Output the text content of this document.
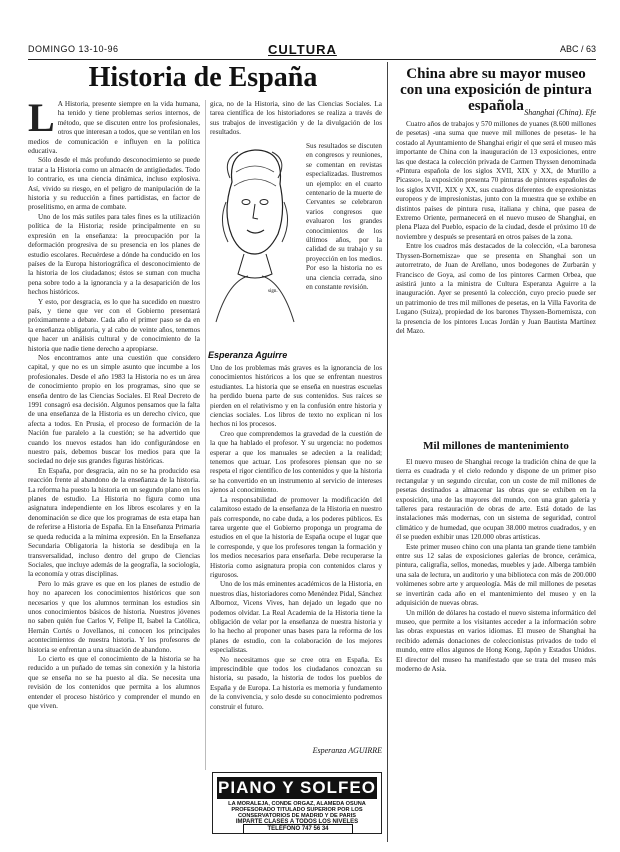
DOMINGO 13-10-96	CULTURA	ABC / 63
Historia de España
L A Historia, presente siempre en la vida humana, ha tenido y tiene problemas serios internos, de método, que se discuten entre los profesionales, otros que interesan a todos, que se ventilan en los medios de comunicación e influyen en la política educativa.

Sólo desde el más profundo desconocimiento se puede tratar a la Historia como un almacén de antigüedades. Todo lo contrario, es una ciencia dinámica, incluso explosiva. Así, vivido su riesgo, en el peligro de manipulación de la historia y su reducción a fines partidistas, en factor de proselitismo, en arma de combate.

Uno de los más sutiles para tales fines es la utilización política de la Historia; reside principalmente en su expresión en la enseñanza: la preocupación por la deformación progresiva de su presencia en los planes de estudio escolares. Recuérdese a dónde ha conducido en los países de la Europa historiográfica el desconocimiento de la historia de los ciudadanos; éstos se suman con mucha pena sobre todo a la ignorancia y a la desaparición de los hechos históricos.

Y esto, por desgracia, es lo que ha sucedido en nuestro país, y tiene que ver con el Gobierno presentará próximamente a debate. Cada año el primer paso se da en la enseñanza obligatoria, y al cabo de veinte años, tenemos que hacer un análisis cultural y de conocimiento de la historia que nadie tiene derecho a apropiarse.

Nos encontramos ante una cuestión que considero capital, y que no es un simple asunto que incumbe a los profesionales. Desde el año 1983 la Historia no es un área de conocimiento propio en los programas, sino que se enseña dentro de las Ciencias Sociales. El Real Decreto de 1991 consagró esa decisión. Algunos pensamos que la falta de una enseñanza de la Historia es un derecho cívico, que afecta a todos. En Prusia, el proceso de formación de la Nación fue paralelo a la cuestión; se ha advertido que cuando los nuevos estados han ido configurándose en nuestro país, debemos buscar los medios para que la sociedad no deje sus grandes figuras históricas.

En España, por desgracia, aún no se ha producido esa reacción frente al abandono de la enseñanza de la historia. La reforma ha puesto la historia en un segundo plano en los planes de estudio. La Historia no figura como una asignatura independiente en los libros escolares y en la denominación se dice que los programas de esta etapa han de referirse a Historia de España. En la Enseñanza Primaria se queda reducida a la mínima expresión. En la Enseñanza Secundaria Obligatoria la historia se desdibuja en la transversalidad, incluso dentro del grupo de Ciencias Sociales, que incluye además de la geografía, la sociología, la economía y otras disciplinas.

Pero lo más grave es que en los planes de estudio de hoy no aparecen los conocimientos históricos que son necesarios y que los alumnos terminan los estudios sin unos conocimientos básicos de historia. Nuestros jóvenes no saben quién fue Carlos V, Felipe II, Isabel la Católica, Hernán Cortés o Jovellanos, ni conocen los principales acontecimientos de nuestra historia. Y los profesores de historia se enfrentan a una situación de abandono.

Lo cierto es que el conocimiento de la historia se ha reducido a un puñado de temas sin conexión y la historia que se enseña no se ha puesto al día. Se necesita una revisión de los contenidos que permita a los alumnos entender el proceso histórico y comprender el mundo en que viven.

gica, no de la Historia, sino de las Ciencias Sociales. La tarea científica de los historiadores se realiza a través de sus trabajos de investigación y de la divulgación de los resultados.

sign.
Esperanza Aguirre

Sus resultados se discuten en congresos y reuniones, se comentan en revistas especializadas. Ilustremos un ejemplo: en el cuarto centenario de la muerte de Cervantes se celebraron varios congresos que evaluaron los grandes conocimientos de los últimos años, por la calidad de su trabajo y su proyección en los medios. Por eso la historia no es una ciencia cerrada, sino en constante revisión.

Uno de los problemas más graves es la ignorancia de los conocimientos históricos a los que se enfrentan nuestros estudiantes. La historia que se enseña en nuestras escuelas ha perdido buena parte de sus contenidos. Sus raíces se pierden en el relativismo y en la confusión entre historia y ciencias sociales. Los libros de texto no explican ni los hechos ni los procesos.

Creo que comprendemos la gravedad de la cuestión de la que ha hablado el profesor. Y su urgencia: no podemos esperar a que los manuales se adecúen a la realidad; tenemos que actuar. Los profesores piensan que no se respeta el rigor científico de los contenidos y que la historia se ha convertido en un instrumento al servicio de intereses ajenos al conocimiento.

La responsabilidad de promover la modificación del calamitoso estado de la enseñanza de la Historia en nuestro país corresponde, no cabe duda, a los poderes públicos. Es tarea urgente que el Gobierno proponga un programa de estudios en el que la historia de España ocupe el lugar que le corresponde, y que los profesores tengan la formación y los medios necesarios para enseñarla. Debe recuperarse la Historia como asignatura propia con contenidos claros y rigurosos.

Uno de los más eminentes académicos de la Historia, en nuestros días, historiadores como Menéndez Pidal, Sánchez Albornoz, Vicens Vives, han dejado un legado que no podemos olvidar. La Real Academia de la Historia tiene la obligación de velar por la enseñanza de nuestra historia y lo ha hecho al proponer unas bases para la reforma de los planes de estudio, con la colaboración de los mejores especialistas.

No necesitamos que se cree otra en España. Es imprescindible que todos los ciudadanos conozcan su historia, su pasado, la historia de todos los pueblos de España y de Europa. La historia es memoria y fundamento de la convivencia, y solo desde su conocimiento podremos construir el futuro.

Esperanza AGUIRRE
PIANO Y SOLFEO
LA MORALEJA, CONDE ORGAZ, ALAMEDA OSUNA
PROFESORADO TITULADO SUPERIOR POR LOS
CONSERVATORIOS DE MADRID Y DE PARIS
IMPARTE CLASES A TODOS LOS NIVELES
TELÉFONO 747 56 34
China abre su mayor museo con una exposición de pintura española Shanghai (China). Efe

Cuatro años de trabajos y 570 millones de yuanes (8.600 millones de pesetas) -una suma que nueve mil millones de pesetas- le ha costado al Ayuntamiento de Shanghai erigir el que será el museo más importante de China con la inauguración de 13 exposiciones, entre las que destaca la colección privada de Carmen Thyssen denominada «Pintura española de los siglos XVII, XIX y XX, de Murillo a Picasso», la exposición presenta 70 pinturas de pintores españoles de los siglos XVII, XIX y XX, sus cuadros diferentes de expresionistas europeos y de impresionistas, junto con la muestra que se exhibe en distintos países de pintura rusa, italiana y china, que pasea de Extremo Oriente, permanecerá en el nuevo museo de Shanghai, en plena Plaza del Pueblo, espacio de la ciudad, desde el próximo 10 de noviembre y después se presentará en otros países de la zona.

Entre los cuadros más destacados de la colección, «La baronesa Thyssen-Bornemisza» que se presenta en Shanghai son un autorretrato, de Juan de Arellano, unos bodegones de Zurbarán y Francisco de Goya, así como de los pintores Carmen Orbea, que asistirá junto a la ministra de Cultura Esperanza Aguirre a la inauguración. Ayer se presentó la colección, cuyo precio puede ser un patrimonio de tres mil millones de pesetas, en la Villa Favorita de Lugano (Suiza), propiedad de los barones Thyssen-Bornemisza, con la presencia de los pintores Lucas Jordán y Juan Bautista Martínez del Mazo.

Mil millones de mantenimiento

El nuevo museo de Shanghai recoge la tradición china de que la tierra es cuadrada y el cielo redondo y dispone de un primer piso rectangular y un segundo circular, con un coste de mil millones de pesetas destinados a almacenar las obras que se exhiben en la exposición, una de las mayores del mundo, con una gran galería y talleres para restauración de obras de arte. Está dotado de las instalaciones más modernas, con un sistema de seguridad, control climático y de humedad, que ocupan 38.000 metros cuadrados, y en él se pueden exhibir unas 120.000 obras artísticas.

Este primer museo chino con una planta tan grande tiene también entre sus 12 salas de exposiciones galerías de bronce, cerámica, pintura, caligrafía, sellos, monedas, muebles y jade. Alberga también una sala de lectura, un auditorio y una biblioteca con más de 200.000 volúmenes sobre arte y arqueología. Más de mil millones de pesetas se invertirán cada año en el mantenimiento del museo y en la adquisición de nuevas obras.

Un millón de dólares ha costado el nuevo sistema informático del museo, que permite a los visitantes acceder a la información sobre las obras expuestas en varios idiomas. El museo de Shanghai ha recibido además donaciones de coleccionistas privados de todo el mundo, entre ellos algunos de Hong Kong, Japón y Estados Unidos. El director del museo ha manifestado que se trata del museo más moderno de Asia.
